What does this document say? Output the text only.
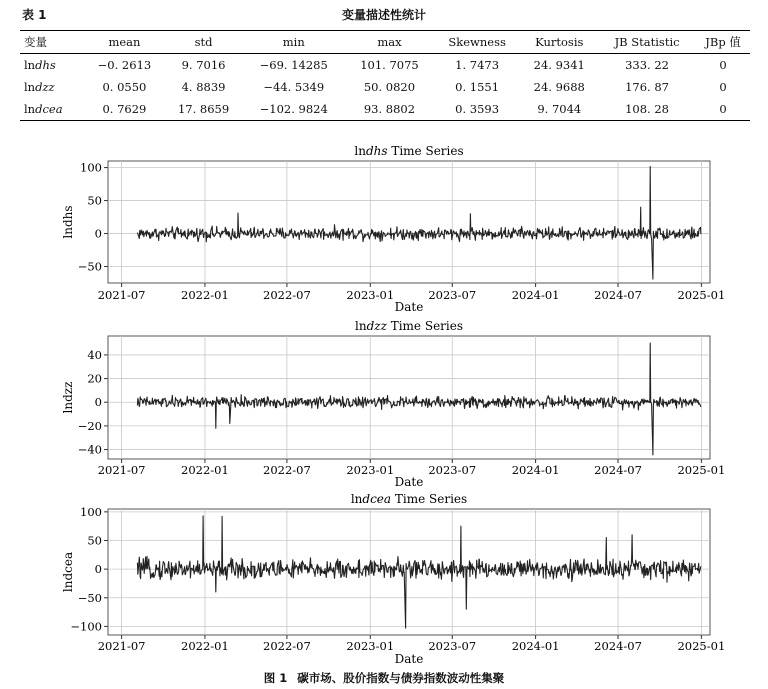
表 1	变量描述性统计
变量	mean	std	min	max	Skewness	Kurtosis	JB Statistic	JBp 值
lndhs	−0. 2613	9. 7016	−69. 14285	101. 7075	1. 7473	24. 9341	333. 22	0
lndzz	0. 0550	4. 8839	−44. 5349	50. 0820	0. 1551	24. 9688	176. 87	0
lndcea	0. 7629	17. 8659	−102. 9824	93. 8802	0. 3593	9. 7044	108. 28	0
lndhs Time Series
2021-07	2022-01	2022-07	2023-01	2023-07	2024-01	2024-07	2025-01
−50
0
50
100
Date
lndhs
lndzz Time Series
2021-07	2022-01	2022-07	2023-01	2023-07	2024-01	2024-07	2025-01
−40
−20
0
20
40
Date
lndzz
lndcea Time Series
2021-07	2022-01	2022-07	2023-01	2023-07	2024-01	2024-07	2025-01
−100
−50
0
50
100
Date
lndcea
图 1 碳市场、股价指数与债券指数波动性集聚
